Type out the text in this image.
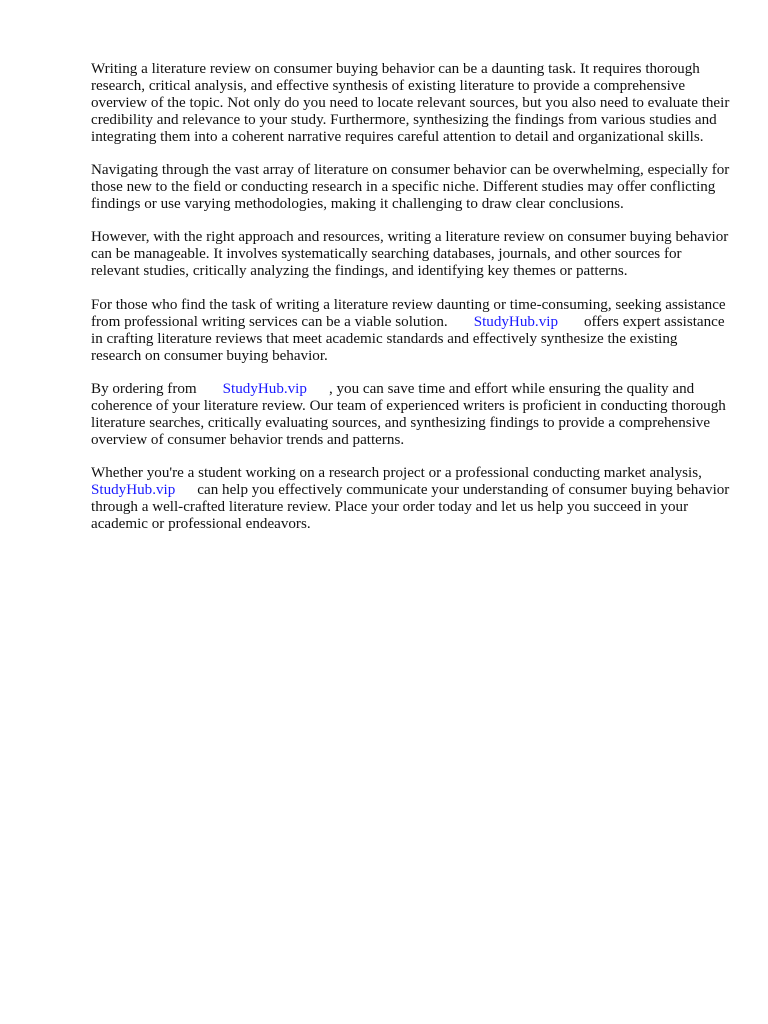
Writing a literature review on consumer buying behavior can be a daunting task. It requires thorough research, critical analysis, and effective synthesis of existing literature to provide a comprehensive overview of the topic. Not only do you need to locate relevant sources, but you also need to evaluate their credibility and relevance to your study. Furthermore, synthesizing the findings from various studies and integrating them into a coherent narrative requires careful attention to detail and organizational skills.

Navigating through the vast array of literature on consumer behavior can be overwhelming, especially for those new to the field or conducting research in a specific niche. Different studies may offer conflicting findings or use varying methodologies, making it challenging to draw clear conclusions.

However, with the right approach and resources, writing a literature review on consumer buying behavior can be manageable. It involves systematically searching databases, journals, and other sources for relevant studies, critically analyzing the findings, and identifying key themes or patterns.

For those who find the task of writing a literature review daunting or time-consuming, seeking assistance from professional writing services can be a viable solution. StudyHub.vip offers expert assistance in crafting literature reviews that meet academic standards and effectively synthesize the existing research on consumer buying behavior.

By ordering from StudyHub.vip , you can save time and effort while ensuring the quality and coherence of your literature review. Our team of experienced writers is proficient in conducting thorough literature searches, critically evaluating sources, and synthesizing findings to provide a comprehensive overview of consumer behavior trends and patterns.

Whether you're a student working on a research project or a professional conducting market analysis,StudyHub.vip can help you effectively communicate your understanding of consumer buying behavior through a well-crafted literature review. Place your order today and let us help you succeed in your academic or professional endeavors.
